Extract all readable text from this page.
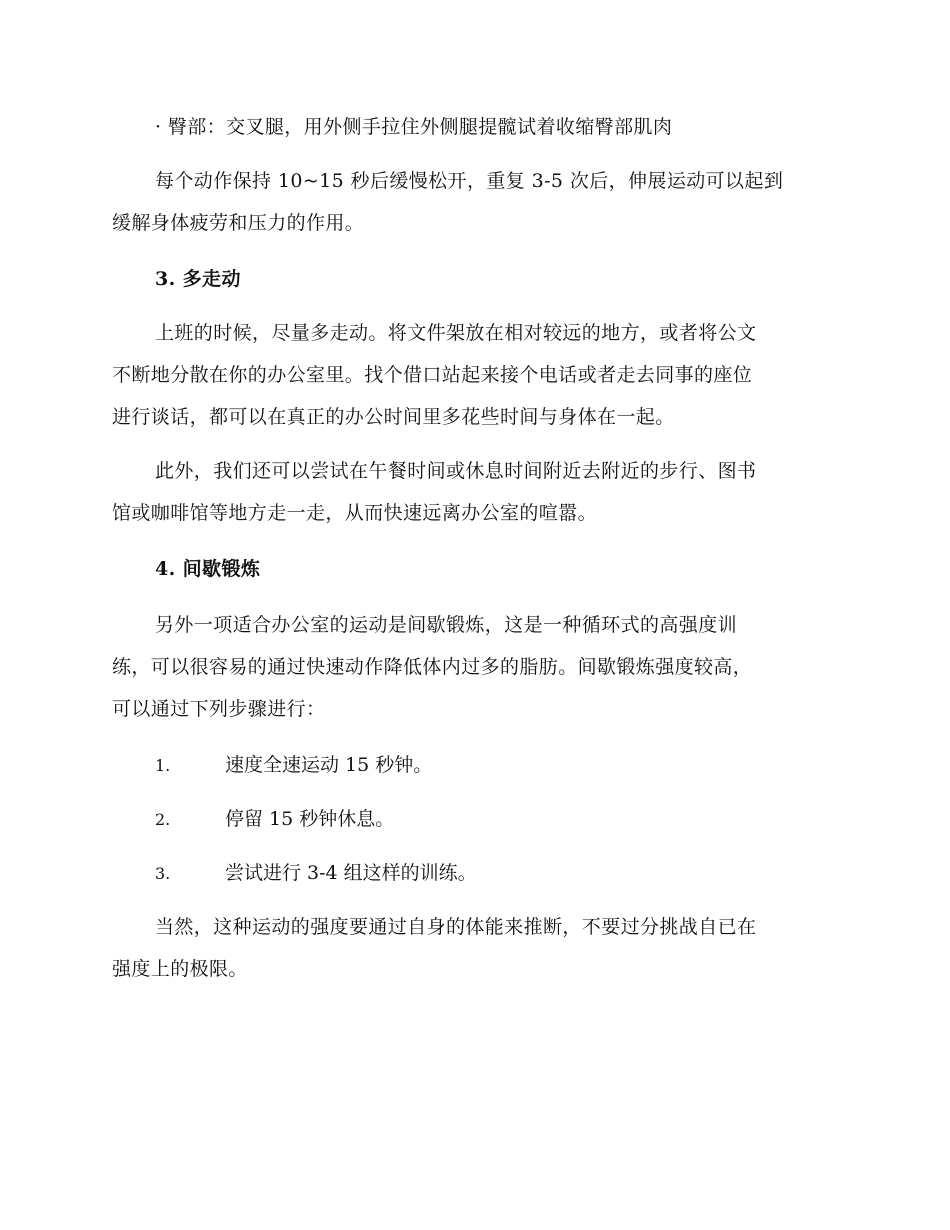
· 臀部：交叉腿，用外侧手拉住外侧腿提髋试着收缩臀部肌肉
每个动作保持 10~15 秒后缓慢松开，重复 3-5 次后，伸展运动可以起到
缓解身体疲劳和压力的作用。
3. 多走动
上班的时候，尽量多走动。将文件架放在相对较远的地方，或者将公文
不断地分散在你的办公室里。找个借口站起来接个电话或者走去同事的座位
进行谈话，都可以在真正的办公时间里多花些时间与身体在一起。
此外，我们还可以尝试在午餐时间或休息时间附近去附近的步行、图书
馆或咖啡馆等地方走一走，从而快速远离办公室的喧嚣。
4. 间歇锻炼
另外一项适合办公室的运动是间歇锻炼，这是一种循环式的高强度训
练，可以很容易的通过快速动作降低体内过多的脂肪。间歇锻炼强度较高，
可以通过下列步骤进行：
1.	速度全速运动 15 秒钟。
2.	停留 15 秒钟休息。
3.	尝试进行 3-4 组这样的训练。
当然，这种运动的强度要通过自身的体能来推断，不要过分挑战自已在
强度上的极限。
